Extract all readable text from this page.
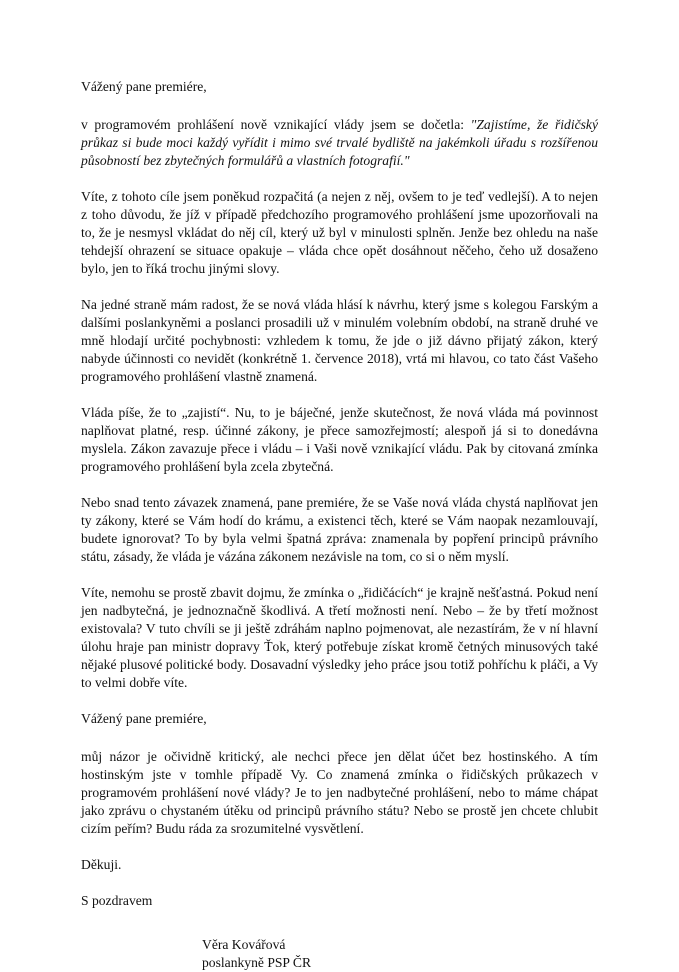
Vážený pane premiére,

v programovém prohlášení nově vznikající vlády jsem se dočetla: "Zajistíme, že řidičský průkaz si bude moci každý vyřídit i mimo své trvalé bydliště na jakémkoli úřadu s rozšířenou působností bez zbytečných formulářů a vlastních fotografií."

Víte, z tohoto cíle jsem poněkud rozpačitá (a nejen z něj, ovšem to je teď vedlejší). A to nejen z toho důvodu, že jíž v případě předchozího programového prohlášení jsme upozorňovali na to, že je nesmysl vkládat do něj cíl, který už byl v minulosti splněn. Jenže bez ohledu na naše tehdejší ohrazení se situace opakuje – vláda chce opět dosáhnout něčeho, čeho už dosaženo bylo, jen to říká trochu jinými slovy.

Na jedné straně mám radost, že se nová vláda hlásí k návrhu, který jsme s kolegou Farským a dalšími poslankyněmi a poslanci prosadili už v minulém volebním období, na straně druhé ve mně hlodají určité pochybnosti: vzhledem k tomu, že jde o již dávno přijatý zákon, který nabyde účinnosti co nevidět (konkrétně 1. července 2018), vrtá mi hlavou, co tato část Vašeho programového prohlášení vlastně znamená.

Vláda píše, že to „zajistí“. Nu, to je báječné, jenže skutečnost, že nová vláda má povinnost naplňovat platné, resp. účinné zákony, je přece samozřejmostí; alespoň já si to donedávna myslela. Zákon zavazuje přece i vládu – i Vaši nově vznikající vládu. Pak by citovaná zmínka programového prohlášení byla zcela zbytečná.

Nebo snad tento závazek znamená, pane premiére, že se Vaše nová vláda chystá naplňovat jen ty zákony, které se Vám hodí do krámu, a existenci těch, které se Vám naopak nezamlouvají, budete ignorovat? To by byla velmi špatná zpráva: znamenala by popření principů právního státu, zásady, že vláda je vázána zákonem nezávisle na tom, co si o něm myslí.

Víte, nemohu se prostě zbavit dojmu, že zmínka o „řidičácích“ je krajně nešťastná. Pokud není jen nadbytečná, je jednoznačně škodlivá. A třetí možnosti není. Nebo – že by třetí možnost existovala? V tuto chvíli se ji ještě zdráhám naplno pojmenovat, ale nezastírám, že v ní hlavní úlohu hraje pan ministr dopravy Ťok, který potřebuje získat kromě četných minusových také nějaké plusové politické body. Dosavadní výsledky jeho práce jsou totiž pohříchu k pláči, a Vy to velmi dobře víte.

Vážený pane premiére,

můj názor je očividně kritický, ale nechci přece jen dělat účet bez hostinského. A tím hostinským jste v tomhle případě Vy. Co znamená zmínka o řidičských průkazech v programovém prohlášení nové vlády? Je to jen nadbytečné prohlášení, nebo to máme chápat jako zprávu o chystaném útěku od principů právního státu? Nebo se prostě jen chcete chlubit cizím peřím? Budu ráda za srozumitelné vysvětlení.

Děkuji.

S pozdravem

Věra Kovářová

poslankyně PSP ČR
